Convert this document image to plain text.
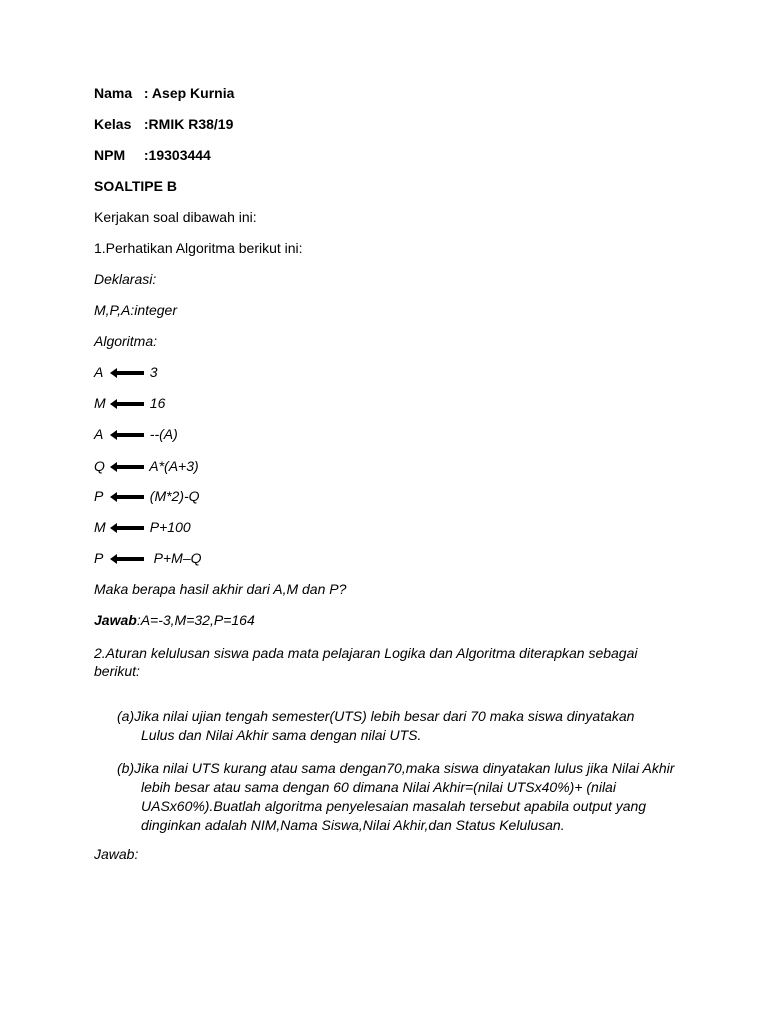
Nama : Asep Kurnia
Kelas :RMIK R38/19
NPM :19303444
SOALTIPE B
Kerjakan soal dibawah ini:
1.Perhatikan Algoritma berikut ini:
Deklarasi:
M,P,A:integer
Algoritma:
A	3
M	16
A	--(A)
Q	A*(A+3)
P	(M*2)-Q
M	P+100
P	P+M–Q
Maka berapa hasil akhir dari A,M dan P?
Jawab:A=-3,M=32,P=164
2.Aturan kelulusan siswa pada mata pelajaran Logika dan Algoritma diterapkan sebagai
berikut:
(a)Jika nilai ujian tengah semester(UTS) lebih besar dari 70 maka siswa dinyatakan
Lulus dan Nilai Akhir sama dengan nilai UTS.
(b)Jika nilai UTS kurang atau sama dengan70,maka siswa dinyatakan lulus jika Nilai Akhir
lebih besar atau sama dengan 60 dimana Nilai Akhir=(nilai UTSx40%)+ (nilai
UASx60%).Buatlah algoritma penyelesaian masalah tersebut apabila output yang
dinginkan adalah NIM,Nama Siswa,Nilai Akhir,dan Status Kelulusan.
Jawab:
